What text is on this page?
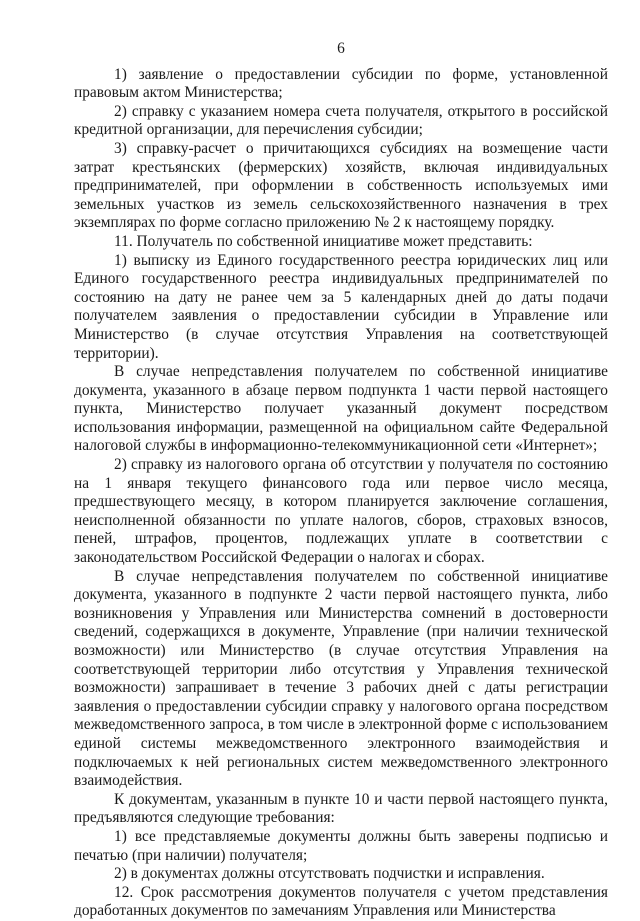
6

1) заявление о предоставлении субсидии по форме, установленной правовым актом Министерства;

2) справку с указанием номера счета получателя, открытого в российской кредитной организации, для перечисления субсидии;

3) справку-расчет о причитающихся субсидиях на возмещение части затрат крестьянских (фермерских) хозяйств, включая индивидуальных предпринимателей, при оформлении в собственность используемых ими земельных участков из земель сельскохозяйственного назначения в трех экземплярах по форме согласно приложению № 2 к настоящему порядку.

11. Получатель по собственной инициативе может представить:

1) выписку из Единого государственного реестра юридических лиц или Единого государственного реестра индивидуальных предпринимателей по состоянию на дату не ранее чем за 5 календарных дней до даты подачи получателем заявления о предоставлении субсидии в Управление или Министерство (в случае отсутствия Управления на соответствующей территории).

В случае непредставления получателем по собственной инициативе документа, указанного в абзаце первом подпункта 1 части первой настоящего пункта, Министерство получает указанный документ посредством использования информации, размещенной на официальном сайте Федеральной налоговой службы в информационно-телекоммуникационной сети «Интернет»;

2) справку из налогового органа об отсутствии у получателя по состоянию на 1 января текущего финансового года или первое число месяца, предшествующего месяцу, в котором планируется заключение соглашения, неисполненной обязанности по уплате налогов, сборов, страховых взносов, пеней, штрафов, процентов, подлежащих уплате в соответствии с законодательством Российской Федерации о налогах и сборах.

В случае непредставления получателем по собственной инициативе документа, указанного в подпункте 2 части первой настоящего пункта, либо возникновения у Управления или Министерства сомнений в достоверности сведений, содержащихся в документе, Управление (при наличии технической возможности) или Министерство (в случае отсутствия Управления на соответствующей территории либо отсутствия у Управления технической возможности) запрашивает в течение 3 рабочих дней с даты регистрации заявления о предоставлении субсидии справку у налогового органа посредством межведомственного запроса, в том числе в электронной форме с использованием единой системы межведомственного электронного взаимодействия и подключаемых к ней региональных систем межведомственного электронного взаимодействия.

К документам, указанным в пункте 10 и части первой настоящего пункта, предъявляются следующие требования:

1) все представляемые документы должны быть заверены подписью и печатью (при наличии) получателя;

2) в документах должны отсутствовать подчистки и исправления.

12. Срок рассмотрения документов получателя с учетом представления доработанных документов по замечаниям Управления или Министерства
